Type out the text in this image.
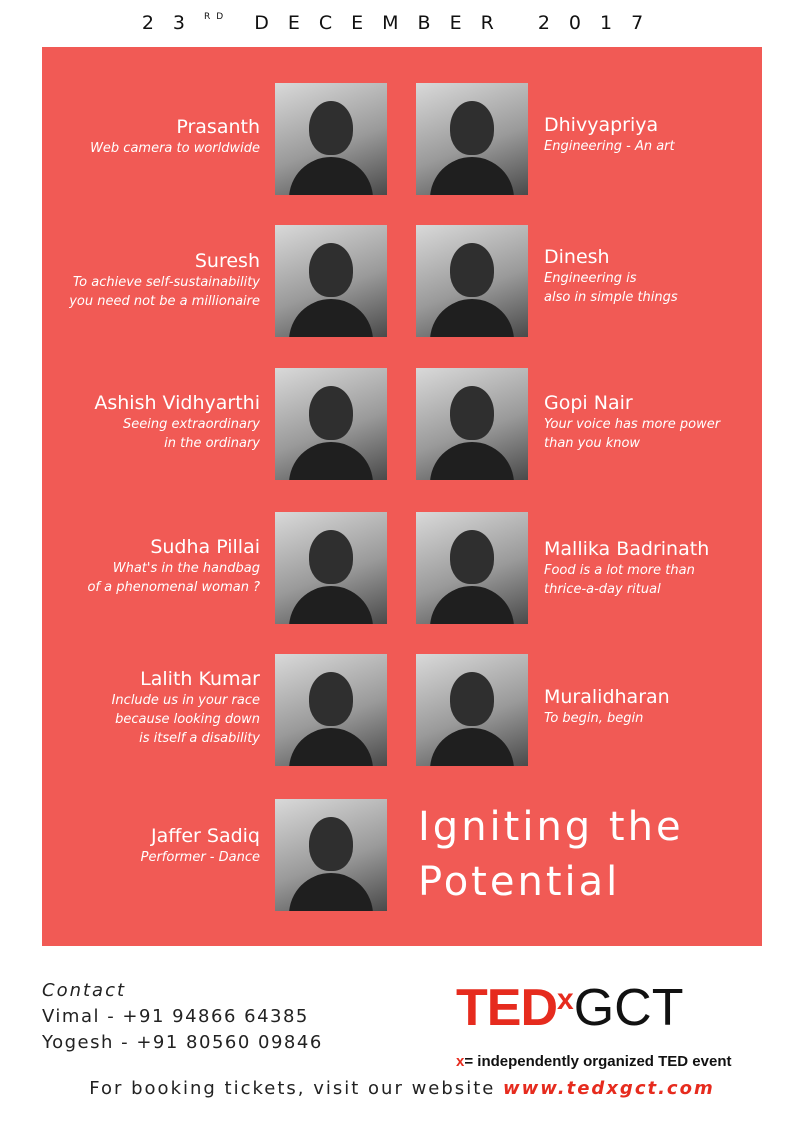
23RD DECEMBER 2017
Prasanth
Web camera to worldwide
Dhivyapriya
Engineering - An art
Suresh
To achieve self-sustainability
you need not be a millionaire
Dinesh
Engineering is
also in simple things
Ashish Vidhyarthi
Seeing extraordinary
in the ordinary
Gopi Nair
Your voice has more power
than you know
Sudha Pillai
What's in the handbag
of a phenomenal woman ?
Mallika Badrinath
Food is a lot more than
thrice-a-day ritual
Lalith Kumar
Include us in your race
because looking down
is itself a disability
Muralidharan
To begin, begin
Jaffer Sadiq
Performer - Dance
Igniting the
Potential
Contact
Vimal - +91 94866 64385
Yogesh - +91 80560 09846
TEDxGCT
x= independently organized TED event
For booking tickets, visit our website www.tedxgct.com
